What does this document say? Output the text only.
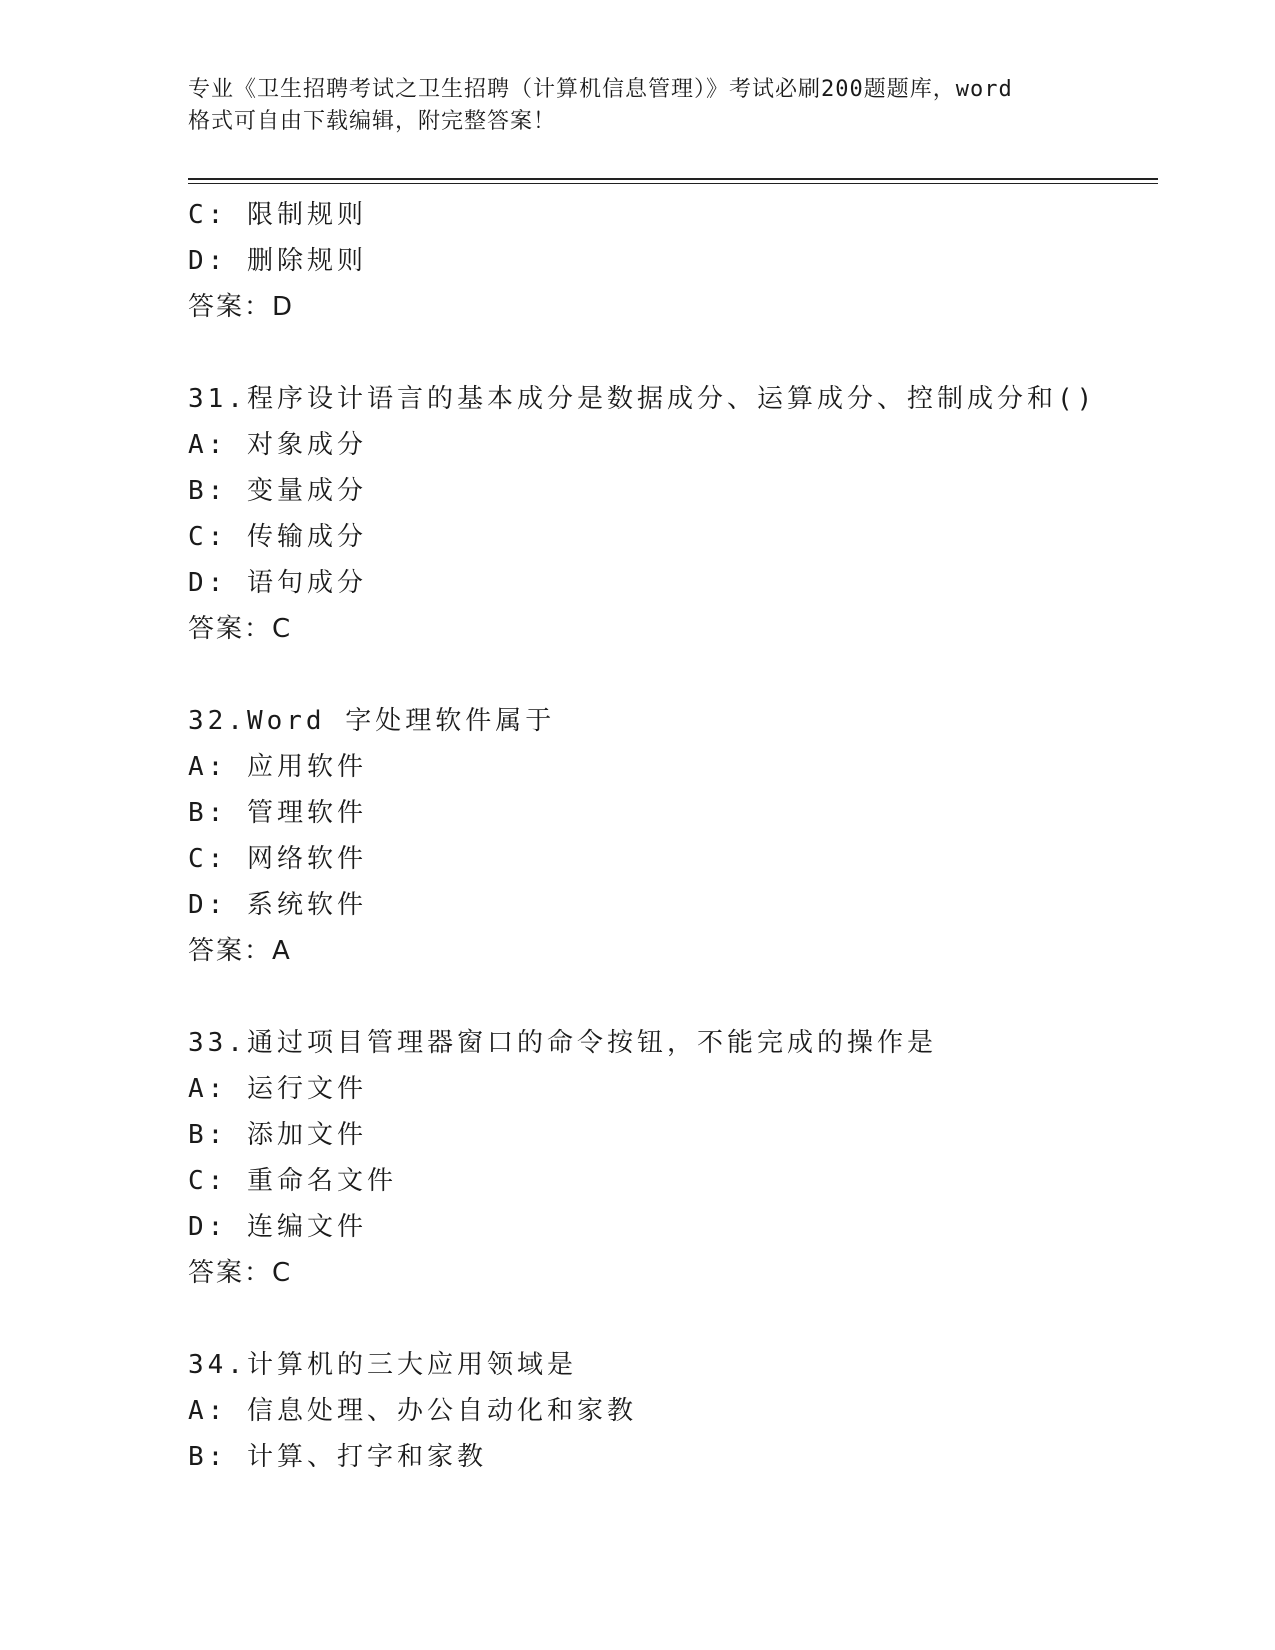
专业《卫生招聘考试之卫生招聘（计算机信息管理）》考试必刷200题题库，word
格式可自由下载编辑，附完整答案！
C: 限制规则
D: 删除规则
答案：D
31.程序设计语言的基本成分是数据成分、运算成分、控制成分和()
A: 对象成分
B: 变量成分
C: 传输成分
D: 语句成分
答案：C
32.Word 字处理软件属于
A: 应用软件
B: 管理软件
C: 网络软件
D: 系统软件
答案：A
33.通过项目管理器窗口的命令按钮，不能完成的操作是
A: 运行文件
B: 添加文件
C: 重命名文件
D: 连编文件
答案：C
34.计算机的三大应用领域是
A: 信息处理、办公自动化和家教
B: 计算、打字和家教
